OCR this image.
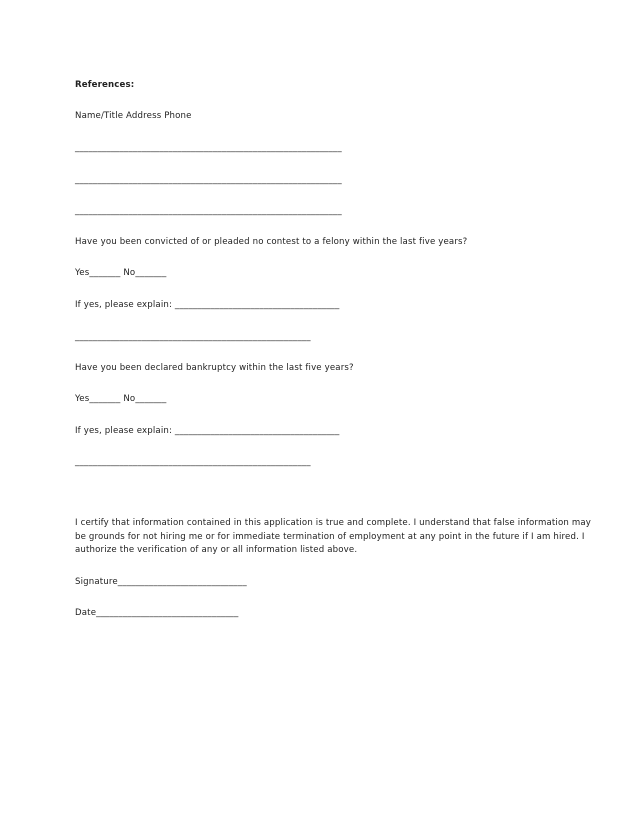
References:
Name/Title Address Phone
____________________________________________________________
____________________________________________________________
____________________________________________________________
Have you been convicted of or pleaded no contest to a felony within the last five years?
Yes_______ No_______
If yes, please explain: _____________________________________
_____________________________________________________
Have you been declared bankruptcy within the last five years?
Yes_______ No_______
If yes, please explain: _____________________________________
_____________________________________________________
I certify that information contained in this application is true and complete. I understand that false information may
be grounds for not hiring me or for immediate termination of employment at any point in the future if I am hired. I
authorize the verification of any or all information listed above.
Signature_____________________________
Date________________________________
